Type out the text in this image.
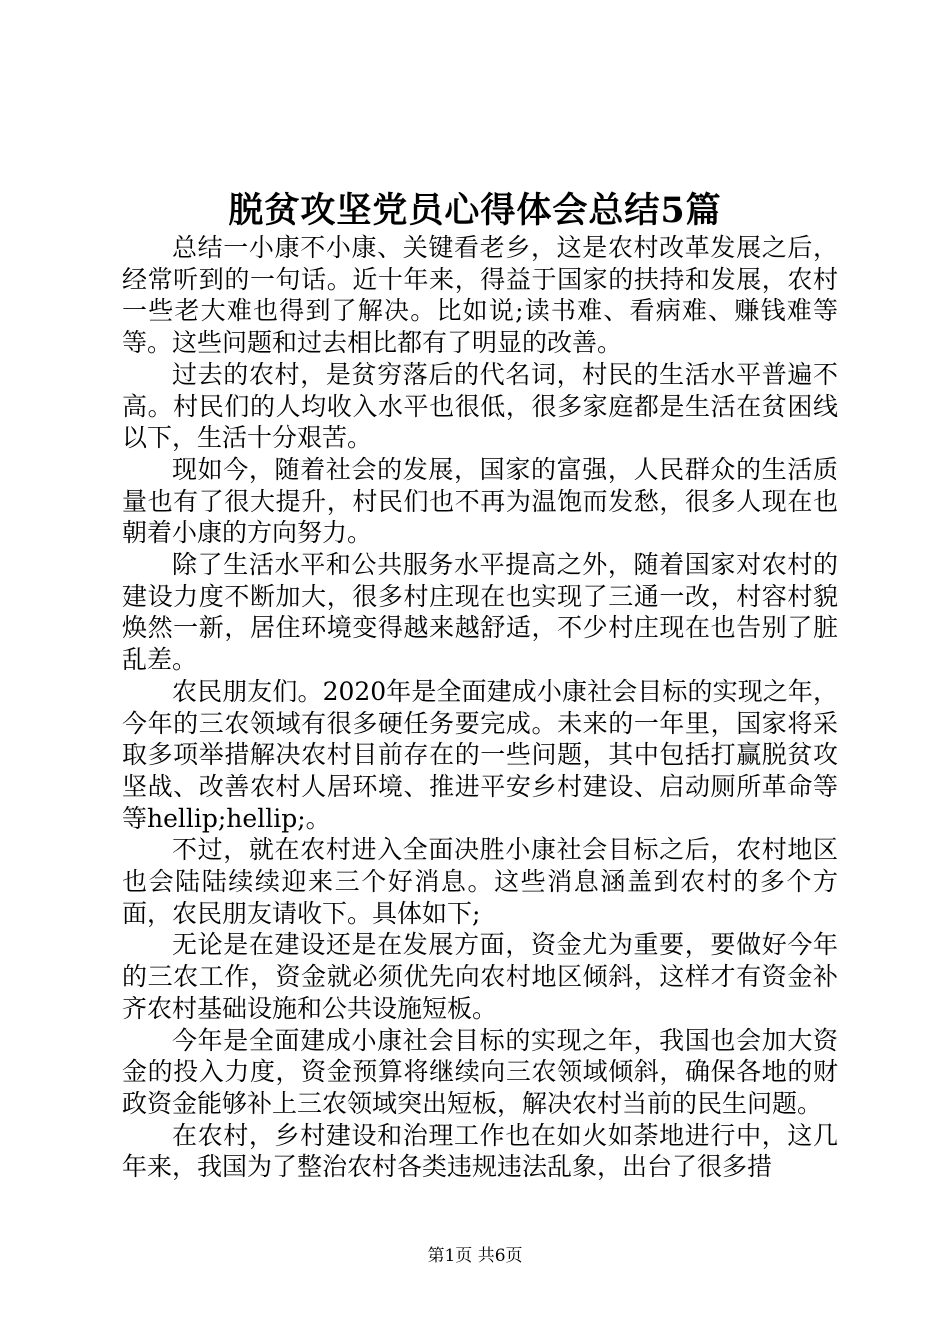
脱贫攻坚党员心得体会总结5篇

总结一小康不小康、关键看老乡，这是农村改革发展之后，经常听到的一句话。近十年来，得益于国家的扶持和发展，农村一些老大难也得到了解决。比如说;读书难、看病难、赚钱难等等。这些问题和过去相比都有了明显的改善。

过去的农村，是贫穷落后的代名词，村民的生活水平普遍不高。村民们的人均收入水平也很低，很多家庭都是生活在贫困线以下，生活十分艰苦。

现如今，随着社会的发展，国家的富强，人民群众的生活质量也有了很大提升，村民们也不再为温饱而发愁，很多人现在也朝着小康的方向努力。

除了生活水平和公共服务水平提高之外，随着国家对农村的建设力度不断加大，很多村庄现在也实现了三通一改，村容村貌焕然一新，居住环境变得越来越舒适，不少村庄现在也告别了脏乱差。

农民朋友们。2020年是全面建成小康社会目标的实现之年，今年的三农领域有很多硬任务要完成。未来的一年里，国家将采取多项举措解决农村目前存在的一些问题，其中包括打赢脱贫攻坚战、改善农村人居环境、推进平安乡村建设、启动厕所革命等等hellip;hellip;。

不过，就在农村进入全面决胜小康社会目标之后，农村地区也会陆陆续续迎来三个好消息。这些消息涵盖到农村的多个方面，农民朋友请收下。具体如下;

无论是在建设还是在发展方面，资金尤为重要，要做好今年的三农工作，资金就必须优先向农村地区倾斜，这样才有资金补齐农村基础设施和公共设施短板。

今年是全面建成小康社会目标的实现之年，我国也会加大资金的投入力度，资金预算将继续向三农领域倾斜，确保各地的财政资金能够补上三农领域突出短板，解决农村当前的民生问题。

在农村，乡村建设和治理工作也在如火如荼地进行中，这几年来，我国为了整治农村各类违规违法乱象，出台了很多措

第1页 共6页
